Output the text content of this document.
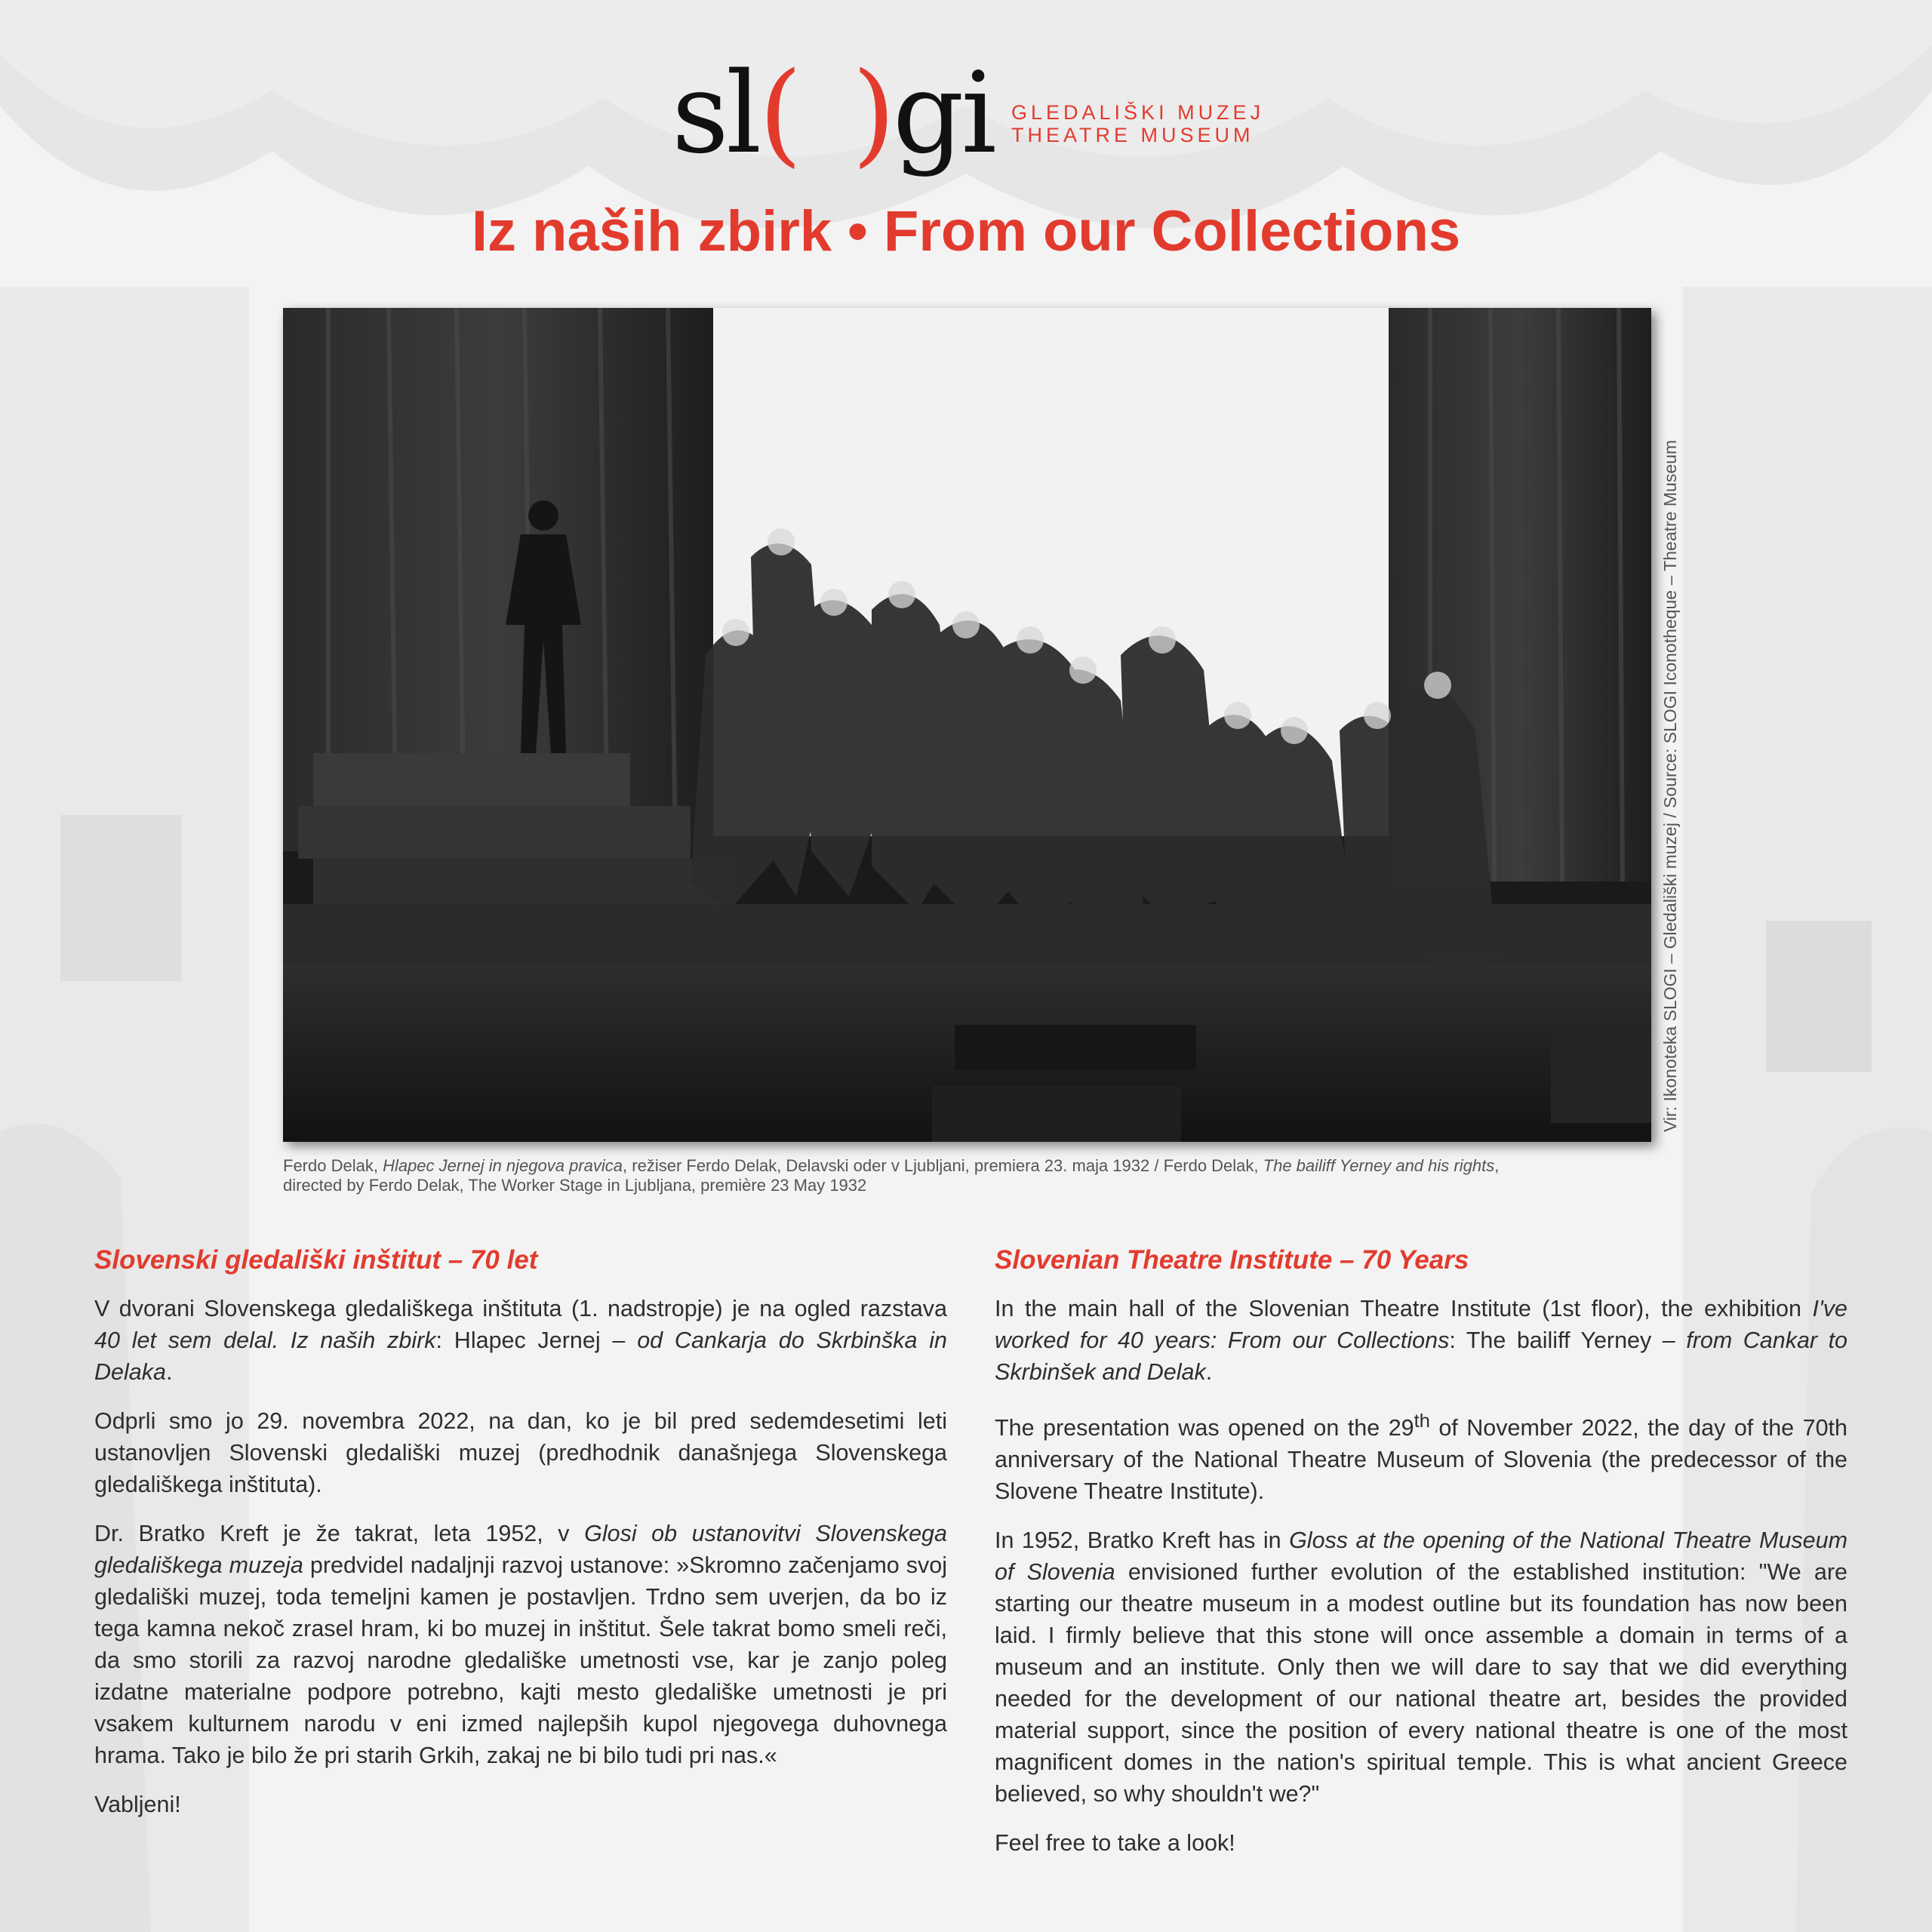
sl( )gi GLEDALIŠKI MUZEJ
THEATRE MUSEUM
Iz naših zbirk • From our Collections
Vir: Ikonoteka SLOGI – Gledališki muzej / Source: SLOGI Iconotheque – Theatre Museum
Ferdo Delak, Hlapec Jernej in njegova pravica, režiser Ferdo Delak, Delavski oder v Ljubljani, premiera 23. maja 1932 / Ferdo Delak, The bailiff Yerney and his rights,
directed by Ferdo Delak, The Worker Stage in Ljubljana, première 23 May 1932
Slovenski gledališki inštitut – 70 let

V dvorani Slovenskega gledališkega inštituta (1. nadstropje) je na ogled razstava 40 let sem delal. Iz naših zbirk: Hlapec Jernej – od Cankarja do Skrbinška in Delaka.

Odprli smo jo 29. novembra 2022, na dan, ko je bil pred sedemdesetimi leti ustanovljen Slovenski gledališki muzej (predhodnik današnjega Slovenskega gledališkega inštituta).

Dr. Bratko Kreft je že takrat, leta 1952, v Glosi ob ustanovitvi Slovenskega gledališkega muzeja predvidel nadaljnji razvoj ustanove: »Skromno začenjamo svoj gledališki muzej, toda temeljni kamen je postavljen. Trdno sem uverjen, da bo iz tega kamna nekoč zrasel hram, ki bo muzej in inštitut. Šele takrat bomo smeli reči, da smo storili za razvoj narodne gledališke umetnosti vse, kar je zanjo poleg izdatne materialne podpore potrebno, kajti mesto gledališke umetnosti je pri vsakem kulturnem narodu v eni izmed najlepših kupol njegovega duhovnega hrama. Tako je bilo že pri starih Grkih, zakaj ne bi bilo tudi pri nas.«

Vabljeni!

Slovenian Theatre Institute – 70 Years

In the main hall of the Slovenian Theatre Institute (1st floor), the exhibition I've worked for 40 years: From our Collections: The bailiff Yerney – from Cankar to Skrbinšek and Delak.

The presentation was opened on the 29th of November 2022, the day of the 70th anniversary of the National Theatre Museum of Slovenia (the predecessor of the Slovene Theatre Institute).

In 1952, Bratko Kreft has in Gloss at the opening of the National Theatre Museum of Slovenia envisioned further evolution of the established institution: "We are starting our theatre museum in a modest outline but its foundation has now been laid. I firmly believe that this stone will once assemble a domain in terms of a museum and an institute. Only then we will dare to say that we did everything needed for the development of our national theatre art, besides the provided material support, since the position of every national theatre is one of the most magnificent domes in the nation's spiritual temple. This is what ancient Greece believed, so why shouldn't we?"

Feel free to take a look!
